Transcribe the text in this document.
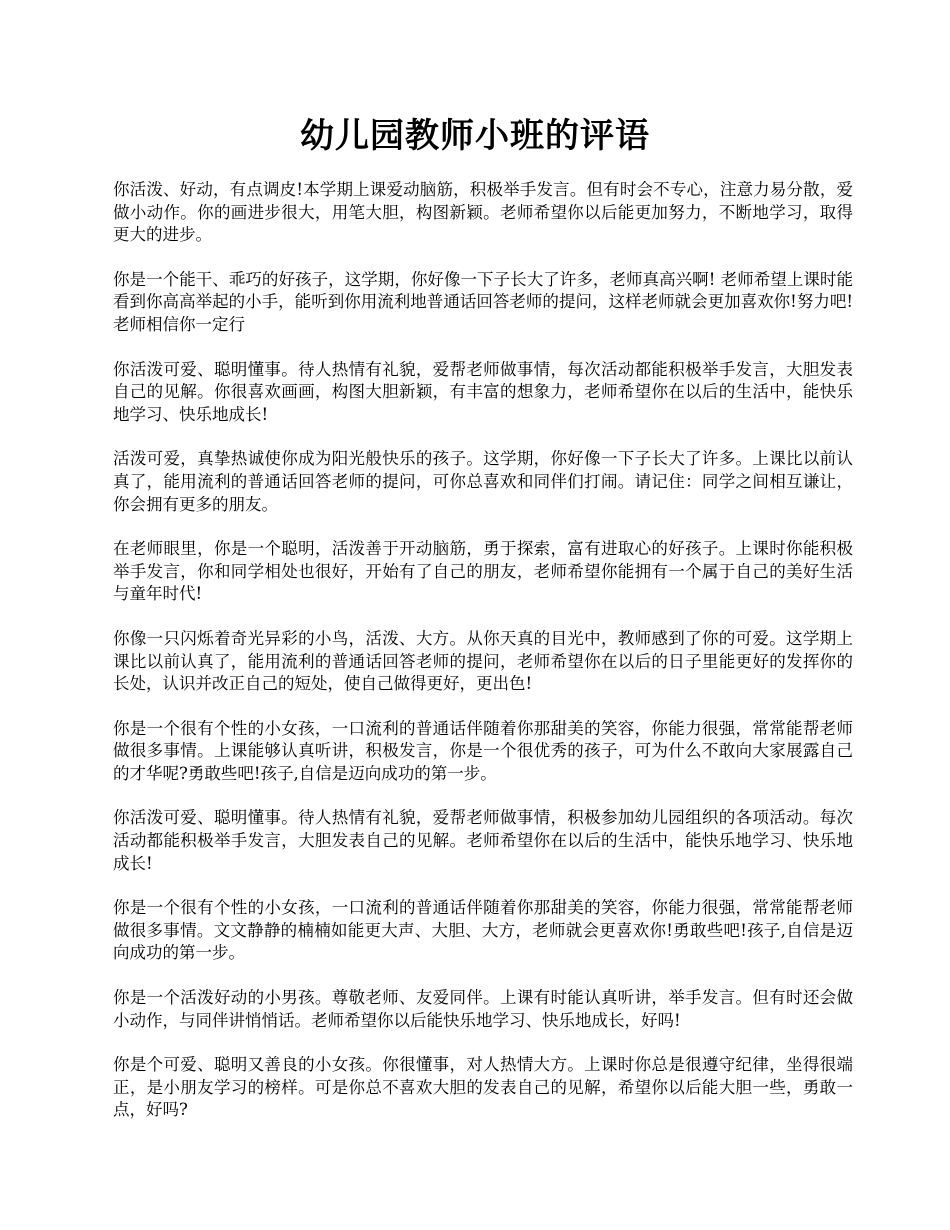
幼儿园教师小班的评语

你活泼、好动，有点调皮!本学期上课爱动脑筋，积极举手发言。但有时会不专心，注意力易分散，爱做小动作。你的画进步很大，用笔大胆，构图新颖。老师希望你以后能更加努力，不断地学习，取得更大的进步。

你是一个能干、乖巧的好孩子，这学期，你好像一下子长大了许多，老师真高兴啊! 老师希望上课时能看到你高高举起的小手，能听到你用流利地普通话回答老师的提问，这样老师就会更加喜欢你!努力吧!老师相信你一定行

你活泼可爱、聪明懂事。待人热情有礼貌，爱帮老师做事情，每次活动都能积极举手发言，大胆发表自己的见解。你很喜欢画画，构图大胆新颖，有丰富的想象力，老师希望你在以后的生活中，能快乐地学习、快乐地成长!

活泼可爱，真挚热诚使你成为阳光般快乐的孩子。这学期，你好像一下子长大了许多。上课比以前认真了，能用流利的普通话回答老师的提问，可你总喜欢和同伴们打闹。请记住：同学之间相互谦让，你会拥有更多的朋友。

在老师眼里，你是一个聪明，活泼善于开动脑筋，勇于探索，富有进取心的好孩子。上课时你能积极举手发言，你和同学相处也很好，开始有了自己的朋友，老师希望你能拥有一个属于自己的美好生活与童年时代!

你像一只闪烁着奇光异彩的小鸟，活泼、大方。从你天真的目光中，教师感到了你的可爱。这学期上课比以前认真了，能用流利的普通话回答老师的提问，老师希望你在以后的日子里能更好的发挥你的长处，认识并改正自己的短处，使自己做得更好，更出色!

你是一个很有个性的小女孩，一口流利的普通话伴随着你那甜美的笑容，你能力很强，常常能帮老师做很多事情。上课能够认真听讲，积极发言，你是一个很优秀的孩子，可为什么不敢向大家展露自己的才华呢?勇敢些吧!孩子,自信是迈向成功的第一步。

你活泼可爱、聪明懂事。待人热情有礼貌，爱帮老师做事情，积极参加幼儿园组织的各项活动。每次活动都能积极举手发言，大胆发表自己的见解。老师希望你在以后的生活中，能快乐地学习、快乐地成长!

你是一个很有个性的小女孩，一口流利的普通话伴随着你那甜美的笑容，你能力很强，常常能帮老师做很多事情。文文静静的楠楠如能更大声、大胆、大方，老师就会更喜欢你!勇敢些吧!孩子,自信是迈向成功的第一步。

你是一个活泼好动的小男孩。尊敬老师、友爱同伴。上课有时能认真听讲，举手发言。但有时还会做小动作，与同伴讲悄悄话。老师希望你以后能快乐地学习、快乐地成长，好吗!

你是个可爱、聪明又善良的小女孩。你很懂事，对人热情大方。上课时你总是很遵守纪律，坐得很端正，是小朋友学习的榜样。可是你总不喜欢大胆的发表自己的见解，希望你以后能大胆一些，勇敢一点，好吗?
